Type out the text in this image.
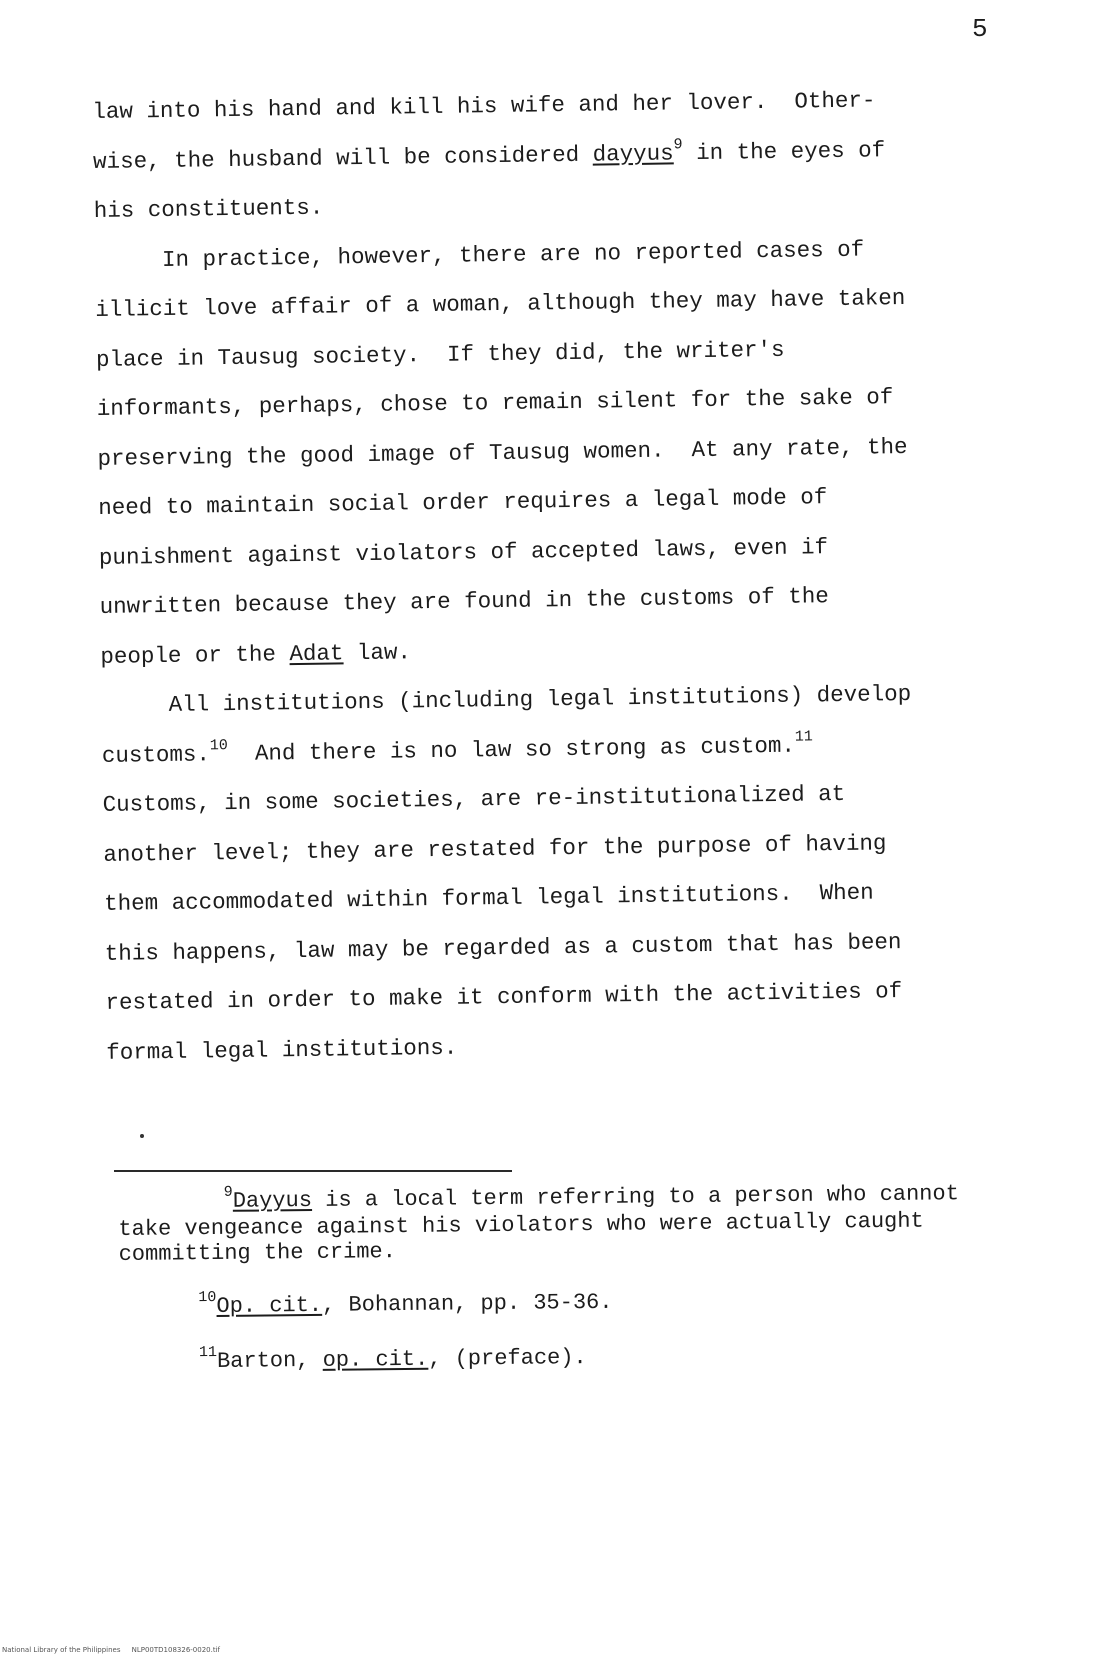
5
law into his hand and kill his wife and her lover.  Other-
wise, the husband will be considered dayyus$^9$ in the eyes of
his constituents.
In practice, however, there are no reported cases of
illicit love affair of a woman, although they may have taken
place in Tausug society.  If they did, the writer's
informants, perhaps, chose to remain silent for the sake of
preserving the good image of Tausug women.  At any rate, the
need to maintain social order requires a legal mode of
punishment against violators of accepted laws, even if
unwritten because they are found in the customs of the
people or the Adat law.
All institutions (including legal institutions) develop
customs.$^{10}$  And there is no law so strong as custom.$^{11}$
Customs, in some societies, are re-institutionalized at
another level; they are restated for the purpose of having
them accommodated within formal legal institutions.  When
this happens, law may be regarded as a custom that has been
restated in order to make it conform with the activities of
formal legal institutions.
$^9$Dayyus is a local term referring to a person who cannot
take vengeance against his violators who were actually caught
committing the crime.
$^{10}$Op. cit., Bohannan, pp. 35-36.
$^{11}$Barton, op. cit., (preface).
National Library of the Philippines     NLP00TD108326-0020.tif
